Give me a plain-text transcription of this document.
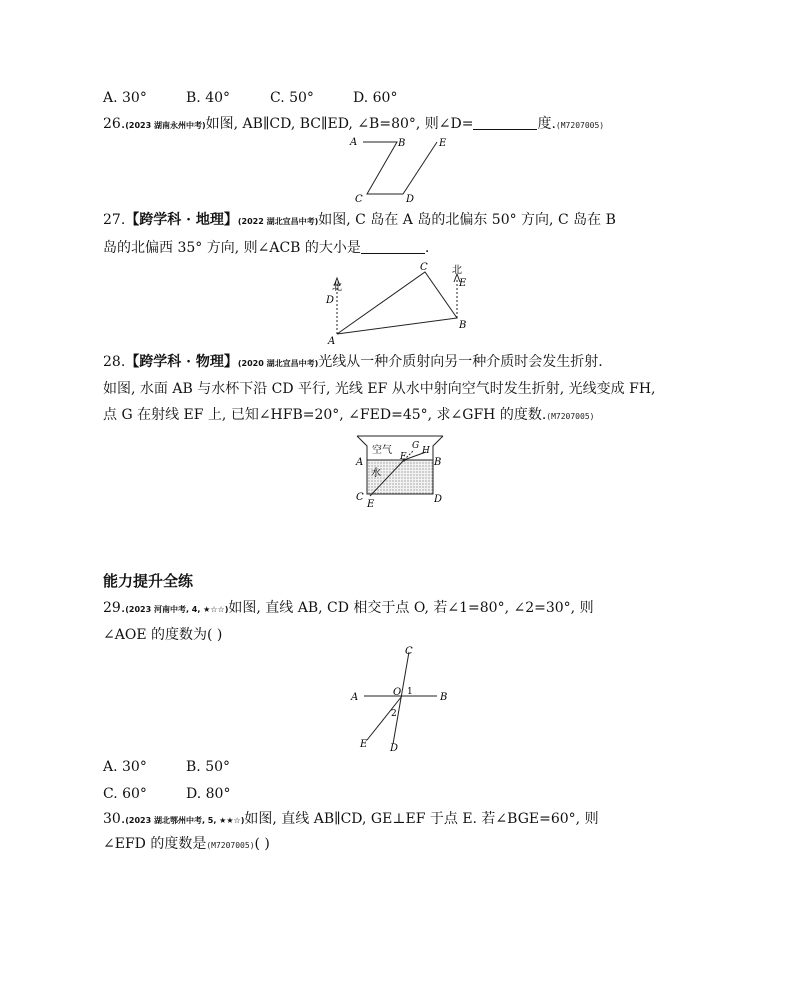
A. 30°	B. 40°	C. 50°	D. 60°
26.(2023 湖南永州中考)如图, AB∥CD, BC∥ED, ∠B=80°, 则∠D=	度.(M7207005)
A	B
C	D
E
27.【跨学科 · 地理】(2022 湖北宜昌中考)如图, C 岛在 A 岛的北偏东 50° 方向, C 岛在 B
岛的北偏西 35° 方向, 则∠ACB 的大小是	.
北
北
D
E
A
C
B
28.【跨学科 · 物理】(2020 湖北宜昌中考)光线从一种介质射向另一种介质时会发生折射.
如图, 水面 AB 与水杯下沿 CD 平行, 光线 EF 从水中射向空气时发生折射, 光线变成 FH,
点 G 在射线 EF 上, 已知∠HFB=20°, ∠FED=45°, 求∠GFH 的度数.(M7207005)
空气
水
A	B
C	D
E
F
G H
能力提升全练
29.(2023 河南中考, 4, ★☆☆)如图, 直线 AB, CD 相交于点 O, 若∠1=80°, ∠2=30°, 则
∠AOE 的度数为( )
A	B
C
D
E
O 1
2
A. 30°	B. 50°
C. 60°	D. 80°
30.(2023 湖北鄂州中考, 5, ★★☆)如图, 直线 AB∥CD, GE⊥EF 于点 E. 若∠BGE=60°, 则
∠EFD 的度数是(M7207005)( )
